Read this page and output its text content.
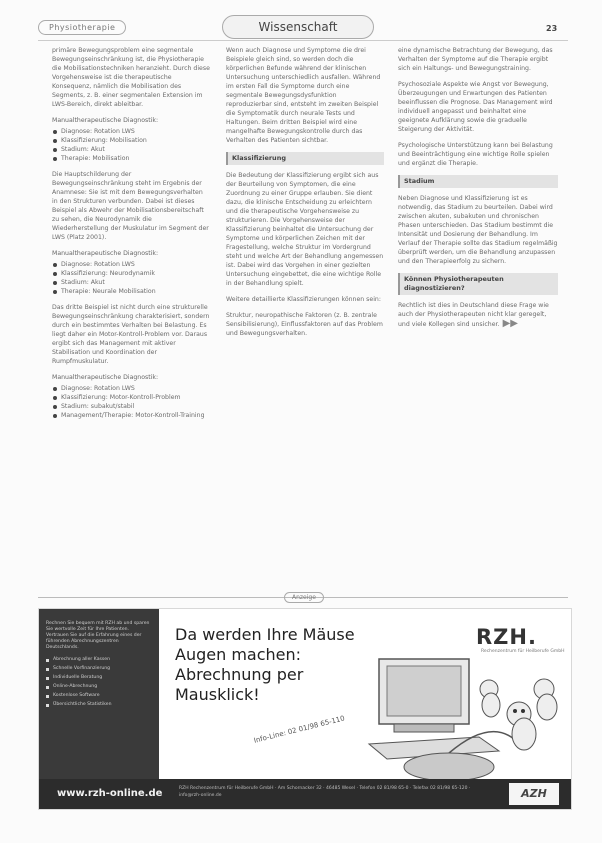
Physiotherapie	Wissenschaft	23

primäre Bewegungsproblem eine segmentale Bewegungseinschränkung ist, die Physiotherapie die Mobilisationstechniken heranzieht. Durch diese Vorgehensweise ist die therapeutische Konsequenz, nämlich die Mobilisation des Segments, z. B. einer segmentalen Extension im LWS-Bereich, direkt ableitbar.

Manualtherapeutische Diagnostik:
Diagnose: Rotation LWS
Klassifizierung: Mobilisation
Stadium: Akut
Therapie: Mobilisation

Die Hauptschilderung der Bewegungseinschränkung steht im Ergebnis der Anamnese: Sie ist mit dem Bewegungsverhalten in den Strukturen verbunden. Dabei ist dieses Beispiel als Abwehr der Mobilisationsbereitschaft zu sehen, die Neurodynamik die Wiederherstellung der Muskulatur im Segment der LWS (Platz 2001).

Manualtherapeutische Diagnostik:
Diagnose: Rotation LWS
Klassifizierung: Neurodynamik
Stadium: Akut
Therapie: Neurale Mobilisation

Das dritte Beispiel ist nicht durch eine strukturelle Bewegungseinschränkung charakterisiert, sondern durch ein bestimmtes Verhalten bei Belastung. Es liegt daher ein Motor-Kontroll-Problem vor. Daraus ergibt sich das Management mit aktiver Stabilisation und Koordination der Rumpfmuskulatur.

Manualtherapeutische Diagnostik:
Diagnose: Rotation LWS
Klassifizierung: Motor-Kontroll-Problem
Stadium: subakut/stabil
Management/Therapie: Motor-Kontroll-Training

Wenn auch Diagnose und Symptome die drei Beispiele gleich sind, so werden doch die körperlichen Befunde während der klinischen Untersuchung unterschiedlich ausfallen. Während im ersten Fall die Symptome durch eine segmentale Bewegungsdysfunktion reproduzierbar sind, entsteht im zweiten Beispiel die Symptomatik durch neurale Tests und Haltungen. Beim dritten Beispiel wird eine mangelhafte Bewegungskontrolle durch das Verhalten des Patienten sichtbar.

Klassifizierung

Die Bedeutung der Klassifizierung ergibt sich aus der Beurteilung von Symptomen, die eine Zuordnung zu einer Gruppe erlauben. Sie dient dazu, die klinische Entscheidung zu erleichtern und die therapeutische Vorgehensweise zu strukturieren. Die Vorgehensweise der Klassifizierung beinhaltet die Untersuchung der Symptome und körperlichen Zeichen mit der Fragestellung, welche Struktur im Vordergrund steht und welche Art der Behandlung angemessen ist. Dabei wird das Vorgehen in einer gezielten Untersuchung eingebettet, die eine wichtige Rolle in der Behandlung spielt.

Weitere detaillierte Klassifizierungen können sein:

Struktur, neuropathische Faktoren (z. B. zentrale Sensibilisierung), Einflussfaktoren auf das Problem und Bewegungsverhalten.

eine dynamische Betrachtung der Bewegung, das Verhalten der Symptome auf die Therapie ergibt sich ein Haltungs- und Bewegungstraining.

Psychosoziale Aspekte wie Angst vor Bewegung, Überzeugungen und Erwartungen des Patienten beeinflussen die Prognose. Das Management wird individuell angepasst und beinhaltet eine geeignete Aufklärung sowie die graduelle Steigerung der Aktivität.

Psychologische Unterstützung kann bei Belastung und Beeinträchtigung eine wichtige Rolle spielen und ergänzt die Therapie.

Stadium

Neben Diagnose und Klassifizierung ist es notwendig, das Stadium zu beurteilen. Dabei wird zwischen akuten, subakuten und chronischen Phasen unterschieden. Das Stadium bestimmt die Intensität und Dosierung der Behandlung. Im Verlauf der Therapie sollte das Stadium regelmäßig überprüft werden, um die Behandlung anzupassen und den Therapieerfolg zu sichern.

Können Physiotherapeuten diagnostizieren?

Rechtlich ist dies in Deutschland diese Frage wie auch der Physiotherapeuten nicht klar geregelt, und viele Kollegen sind unsicher. ▶▶

Anzeige
Rechnen Sie bequem mit RZH ab und sparen Sie wertvolle Zeit für Ihre Patienten. Vertrauen Sie auf die Erfahrung eines der führenden Abrechnungszentren Deutschlands.
Abrechnung aller Kassen
Schnelle Vorfinanzierung
Individuelle Beratung
Online-Abrechnung
Kostenlose Software
Übersichtliche Statistiken
Da werden Ihre Mäuse Augen machen: Abrechnung per Mausklick!
RZH.
Rechenzentrum für Heilberufe GmbH
Info-Line: 02 01/98 65-110
www.rzh-online.de	RZH Rechenzentrum für Heilberufe GmbH · Am Schornacker 32 · 46485 Wesel · Telefon 02 81/98 65-0 · Telefax 02 81/98 65-120 · info@rzh-online.de	AZH
